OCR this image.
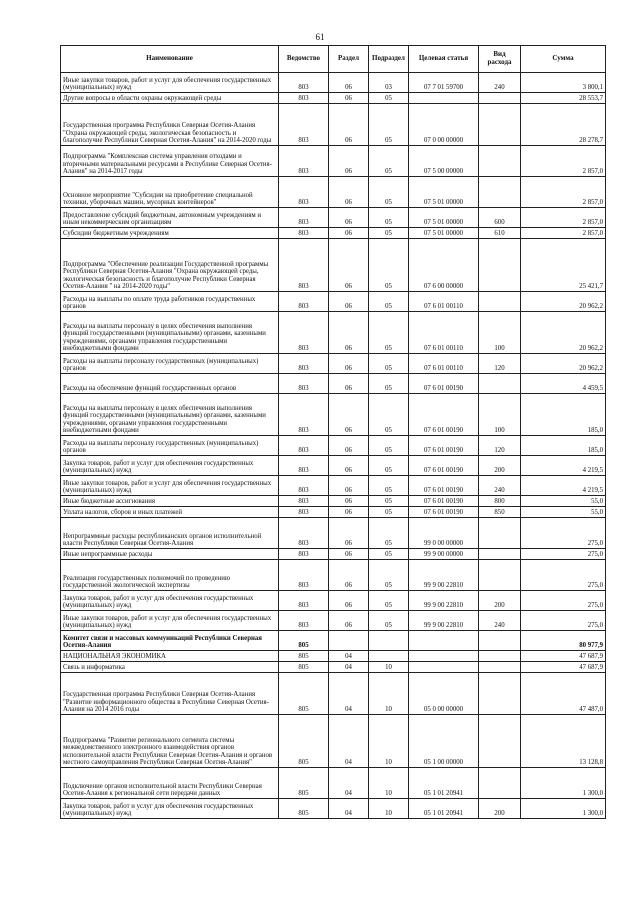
61
Наименование	Ведомство	Раздел	Подраздел	Целевая статья	Вид расхода	Сумма
Иные закупки товаров, работ и услуг для обеспечения государственных (муниципальных) нужд	803	06	03	07 7 01 59700	240	3 800,1
Другие вопросы в области охраны окружающей среды	803	06	05			28 553,7
Государственная программа Республики Северная Осетия-Алания "Охрана окружающей среды, экологическая безопасность и благополучие Республики Северная Осетия-Алания" на 2014-2020 годы	803	06	05	07 0 00 00000		28 278,7
Подпрограмма "Комплексная система управления отходами и вторичными материальными ресурсами в Республике Северная Осетия-Алания" на 2014-2017 годы	803	06	05	07 5 00 00000		2 857,0
Основное мероприятие "Субсидии на приобретение специальной техники, уборочных машин, мусорных контейнеров"	803	06	05	07 5 01 00000		2 857,0
Предоставление субсидий бюджетным, автономным учреждениям и иным некоммерческим организациям	803	06	05	07 5 01 00000	600	2 857,0
Субсидии бюджетным учреждениям	803	06	05	07 5 01 00000	610	2 857,0
Подпрограмма "Обеспечение реализации Государственной программы Республики Северная Осетия-Алания "Охрана окружающей среды, экологическая безопасность и благополучие Республики Северная Осетия-Алания " на 2014-2020 годы"	803	06	05	07 6 00 00000		25 421,7
Расходы на выплаты по оплате труда работников государственных органов	803	06	05	07 6 01 00110		20 962,2
Расходы на выплаты персоналу в целях обеспечения выполнения функций государственными (муниципальными) органами, казенными учреждениями, органами управления государственными внебюджетными фондами	803	06	05	07 6 01 00110	100	20 962,2
Расходы на выплаты персоналу государственных (муниципальных) органов	803	06	05	07 6 01 00110	120	20 962,2
Расходы на обеспечение функций государственных органов	803	06	05	07 6 01 00190		4 459,5
Расходы на выплаты персоналу в целях обеспечения выполнения функций государственными (муниципальными) органами, казенными учреждениями, органами управления государственными внебюджетными фондами	803	06	05	07 6 01 00190	100	185,0
Расходы на выплаты персоналу государственных (муниципальных) органов	803	06	05	07 6 01 00190	120	185,0
Закупка товаров, работ и услуг для обеспечения государственных (муниципальных) нужд	803	06	05	07 6 01 00190	200	4 219,5
Иные закупки товаров, работ и услуг для обеспечения государственных (муниципальных) нужд	803	06	05	07 6 01 00190	240	4 219,5
Иные бюджетные ассигнования	803	06	05	07 6 01 00190	800	55,0
Уплата налогов, сборов и иных платежей	803	06	05	07 6 01 00190	850	55,0
Непрограммные расходы республиканских органов исполнительной власти Республики Северная Осетия-Алания	803	06	05	99 0 00 00000		275,0
Иные непрограммные расходы	803	06	05	99 9 00 00000		275,0
Реализация государственных полномочий по проведению государственной экологической экспертизы	803	06	05	99 9 00 22810		275,0
Закупка товаров, работ и услуг для обеспечения государственных (муниципальных) нужд	803	06	05	99 9 00 22810	200	275,0
Иные закупки товаров, работ и услуг для обеспечения государственных (муниципальных) нужд	803	06	05	99 9 00 22810	240	275,0
Комитет связи и массовых коммуникаций Республики Северная Осетия-Алания	805					80 977,9
НАЦИОНАЛЬНАЯ ЭКОНОМИКА	805	04				47 687,9
Связь и информатика	805	04	10			47 687,9
Государственная программа Республики Северная Осетия-Алания "Развитие информационного общества в Республике Северная Осетия-Алания на 2014 2016 годы	805	04	10	05 0 00 00000		47 487,0
Подпрограмма "Развитие регионального сегмента системы межведомственного электронного взаимодействия органов исполнительной власти Республики Северная Осетия-Алания и органов местного самоуправления Республики Северная Осетия-Алания"	805	04	10	05 1 00 00000		13 128,8
Подключение органов исполнительной власти Республики Северная Осетия-Алания к региональной сети передачи данных	805	04	10	05 1 01 20941		1 300,0
Закупка товаров, работ и услуг для обеспечения государственных (муниципальных) нужд	805	04	10	05 1 01 20941	200	1 300,0
